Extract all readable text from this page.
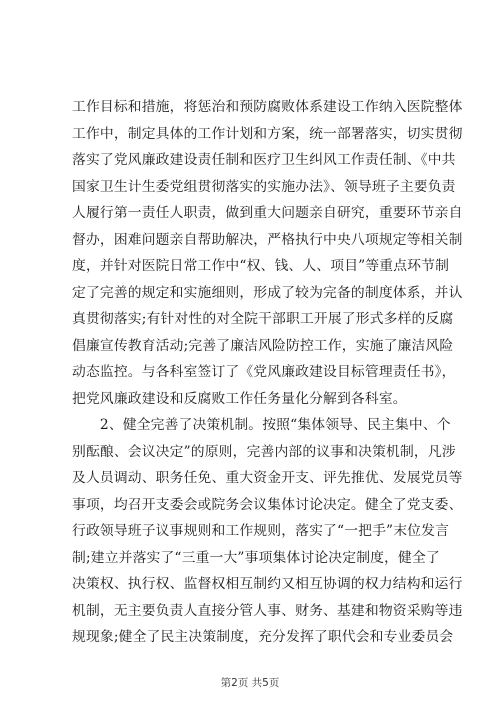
工作目标和措施，将惩治和预防腐败体系建设工作纳入医院整体
工作中，制定具体的工作计划和方案，统一部署落实，切实贯彻
落实了党风廉政建设责任制和医疗卫生纠风工作责任制、《中共
国家卫生计生委党组贯彻落实的实施办法》、领导班子主要负责
人履行第一责任人职责，做到重大问题亲自研究，重要环节亲自
督办，困难问题亲自帮助解决，严格执行中央八项规定等相关制
度，并针对医院日常工作中“权、钱、人、项目”等重点环节制
定了完善的规定和实施细则，形成了较为完备的制度体系，并认
真贯彻落实;有针对性的对全院干部职工开展了形式多样的反腐
倡廉宣传教育活动;完善了廉洁风险防控工作，实施了廉洁风险
动态监控。与各科室签订了《党风廉政建设目标管理责任书》，
把党风廉政建设和反腐败工作任务量化分解到各科室。
　　2、健全完善了决策机制。按照“集体领导、民主集中、个
别酝酿、会议决定”的原则，完善内部的议事和决策机制，凡涉
及人员调动、职务任免、重大资金开支、评先推优、发展党员等
事项，均召开支委会或院务会议集体讨论决定。健全了党支委、
行政领导班子议事规则和工作规则，落实了“一把手”末位发言
制;建立并落实了“三重一大”事项集体讨论决定制度，健全了
决策权、执行权、监督权相互制约又相互协调的权力结构和运行
机制，无主要负责人直接分管人事、财务、基建和物资采购等违
规现象;健全了民主决策制度，充分发挥了职代会和专业委员会
第2页 共5页
